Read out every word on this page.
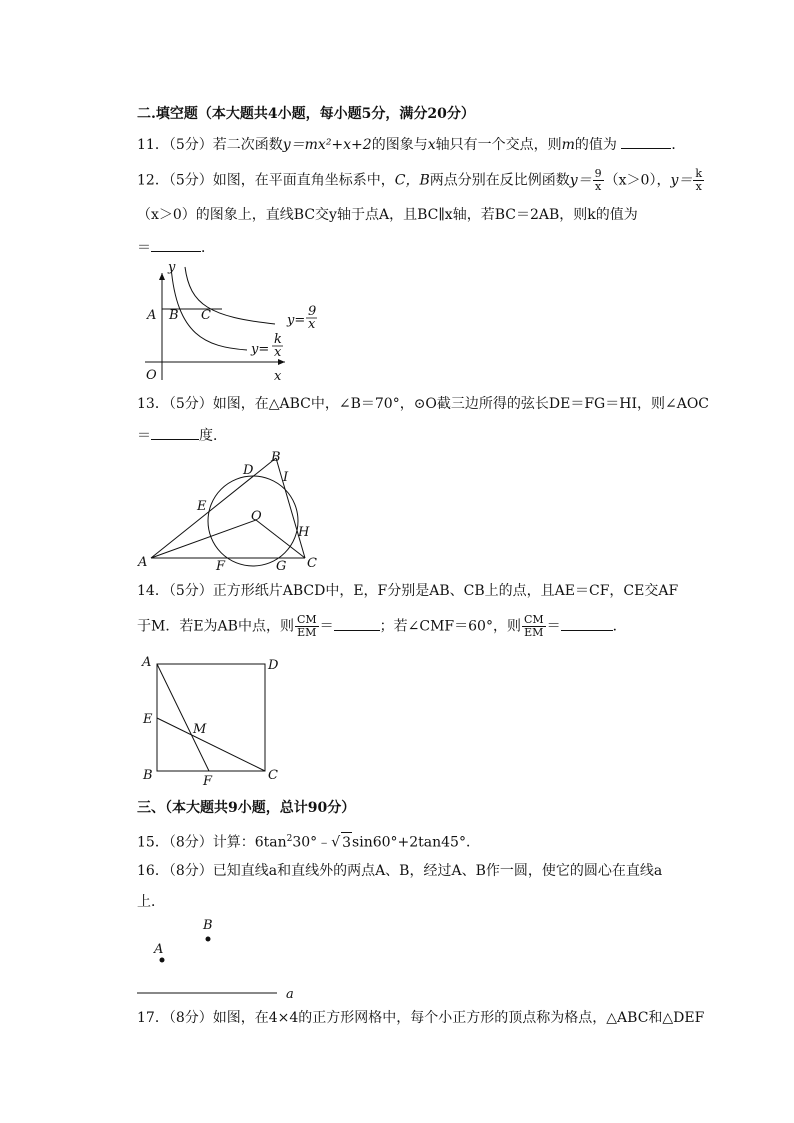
二.填空题（本大题共4小题，每小题5分，满分20分）
11．（5分）若二次函数y＝mx²+x+2的图象与x轴只有一个交点，则m的值为	．
12．（5分）如图，在平面直角坐标系中，C，B两点分别在反比例函数$y= \frac{9}{x} (x>0)$，$y= \frac{k}{x}$
（x＞0）的图象上，直线BC交y轴于点A，且BC∥x轴，若BC＝2AB，则k的值为
＝	．
y
x
O
A B C	y=
9
x
y=
k
x
13．（5分）如图，在△ABC中，∠B＝70°，⊙O截三边所得的弦长DE＝FG＝HI，则∠AOC
＝	度．
A
B
C
D
E
F	G
H
I
O
14．（5分）正方形纸片ABCD中，E，F分别是AB、CB上的点，且AE＝CF，CE交AF
于M．若E为AB中点，则 $\frac{CM}{EM}$ ＝	；若∠CMF＝60°，则 $\frac{CM}{EM}$ ＝	．
A	D
E
M
B	F	C
三、（本大题共9小题，总计90分）
15．（8分）计算：$6\tan^230^\circ﹣√$ 3sin60°+2tan45°．
16．（8分）已知直线a和直线外的两点A、B，经过A、B作一圆，使它的圆心在直线a
上．
B
A
a
17．（8分）如图，在4×4的正方形网格中，每个小正方形的顶点称为格点，△ABC和△DEF
